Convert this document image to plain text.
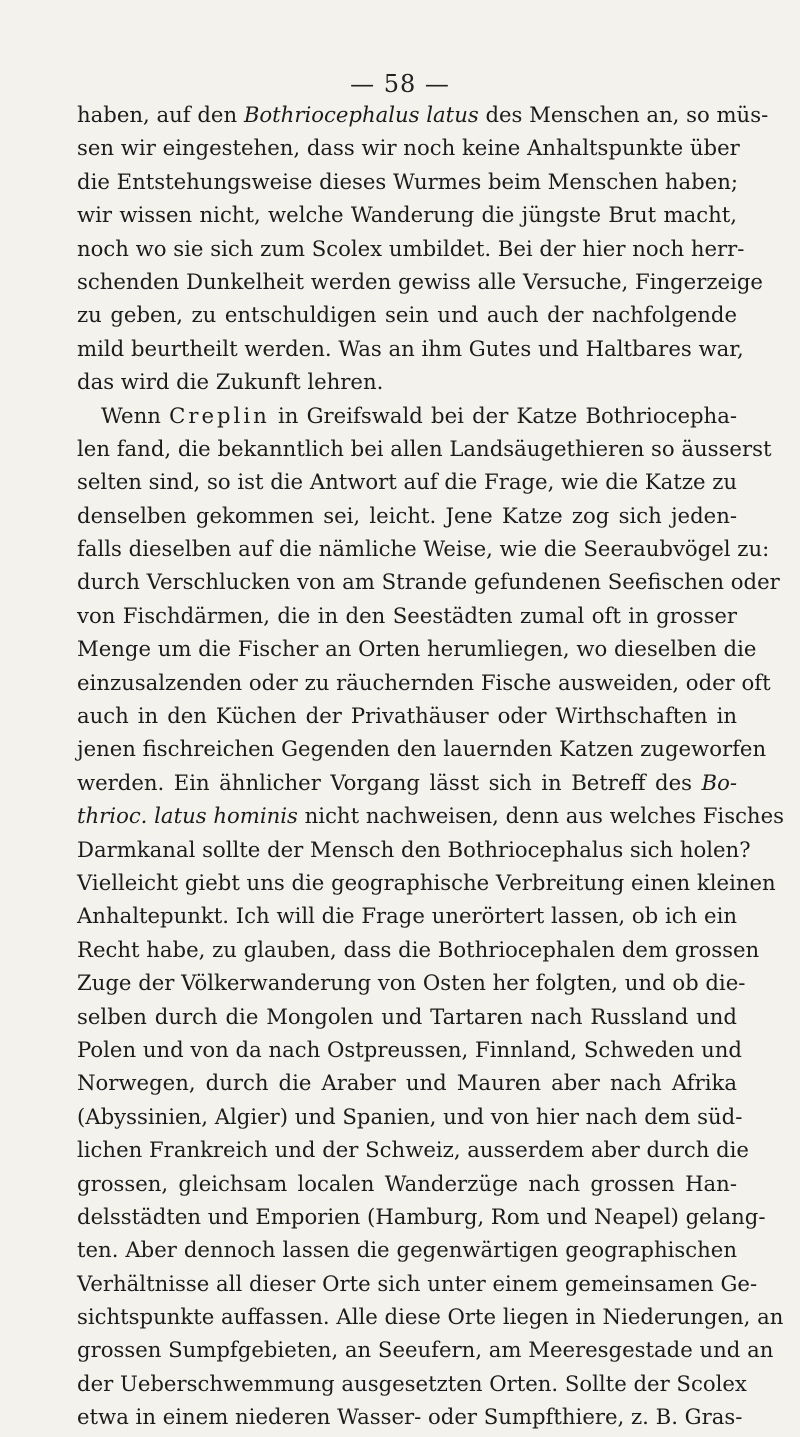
— 58 —
haben, auf den Bothriocephalus latus des Menschen an, so müs-
sen wir eingestehen, dass wir noch keine Anhaltspunkte über
die Entstehungsweise dieses Wurmes beim Menschen haben;
wir wissen nicht, welche Wanderung die jüngste Brut macht,
noch wo sie sich zum Scolex umbildet. Bei der hier noch herr-
schenden Dunkelheit werden gewiss alle Versuche, Fingerzeige
zu geben, zu entschuldigen sein und auch der nachfolgende
mild beurtheilt werden. Was an ihm Gutes und Haltbares war,
das wird die Zukunft lehren.
Wenn Creplin in Greifswald bei der Katze Bothriocepha-
len fand, die bekanntlich bei allen Landsäugethieren so äusserst
selten sind, so ist die Antwort auf die Frage, wie die Katze zu
denselben gekommen sei, leicht. Jene Katze zog sich jeden-
falls dieselben auf die nämliche Weise, wie die Seeraubvögel zu:
durch Verschlucken von am Strande gefundenen Seefischen oder
von Fischdärmen, die in den Seestädten zumal oft in grosser
Menge um die Fischer an Orten herumliegen, wo dieselben die
einzusalzenden oder zu räuchernden Fische ausweiden, oder oft
auch in den Küchen der Privathäuser oder Wirthschaften in
jenen fischreichen Gegenden den lauernden Katzen zugeworfen
werden. Ein ähnlicher Vorgang lässt sich in Betreff des Bo-
thrioc. latus hominis nicht nachweisen, denn aus welches Fisches
Darmkanal sollte der Mensch den Bothriocephalus sich holen?
Vielleicht giebt uns die geographische Verbreitung einen kleinen
Anhaltepunkt. Ich will die Frage unerörtert lassen, ob ich ein
Recht habe, zu glauben, dass die Bothriocephalen dem grossen
Zuge der Völkerwanderung von Osten her folgten, und ob die-
selben durch die Mongolen und Tartaren nach Russland und
Polen und von da nach Ostpreussen, Finnland, Schweden und
Norwegen, durch die Araber und Mauren aber nach Afrika
(Abyssinien, Algier) und Spanien, und von hier nach dem süd-
lichen Frankreich und der Schweiz, ausserdem aber durch die
grossen, gleichsam localen Wanderzüge nach grossen Han-
delsstädten und Emporien (Hamburg, Rom und Neapel) gelang-
ten. Aber dennoch lassen die gegenwärtigen geographischen
Verhältnisse all dieser Orte sich unter einem gemeinsamen Ge-
sichtspunkte auffassen. Alle diese Orte liegen in Niederungen, an
grossen Sumpfgebieten, an Seeufern, am Meeresgestade und an
der Ueberschwemmung ausgesetzten Orten. Sollte der Scolex
etwa in einem niederen Wasser- oder Sumpfthiere, z. B. Gras-
